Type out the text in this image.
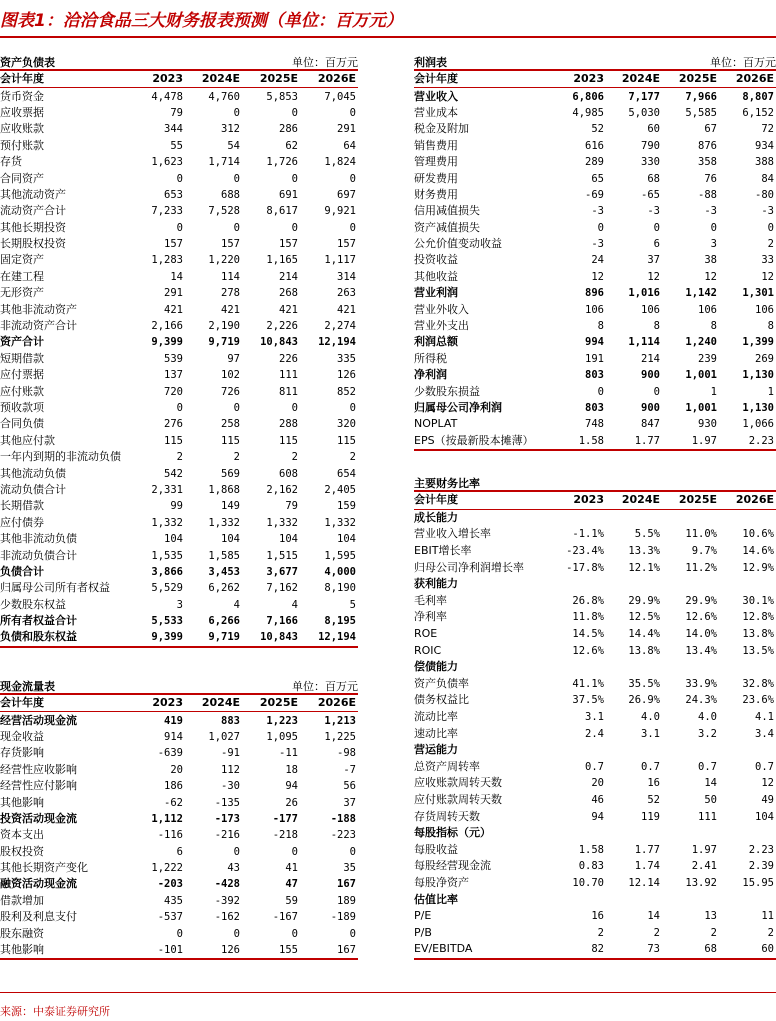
图表1：洽洽食品三大财务报表预测（单位：百万元）
资产负债表	单位：百万元
会计年度	2023	2024E	2025E	2026E
货币资金	4,478	4,760	5,853	7,045
应收票据	79	0	0	0
应收账款	344	312	286	291
预付账款	55	54	62	64
存货	1,623	1,714	1,726	1,824
合同资产	0	0	0	0
其他流动资产	653	688	691	697
流动资产合计	7,233	7,528	8,617	9,921
其他长期投资	0	0	0	0
长期股权投资	157	157	157	157
固定资产	1,283	1,220	1,165	1,117
在建工程	14	114	214	314
无形资产	291	278	268	263
其他非流动资产	421	421	421	421
非流动资产合计	2,166	2,190	2,226	2,274
资产合计	9,399	9,719	10,843	12,194
短期借款	539	97	226	335
应付票据	137	102	111	126
应付账款	720	726	811	852
预收款项	0	0	0	0
合同负债	276	258	288	320
其他应付款	115	115	115	115
一年内到期的非流动负债	2	2	2	2
其他流动负债	542	569	608	654
流动负债合计	2,331	1,868	2,162	2,405
长期借款	99	149	79	159
应付债券	1,332	1,332	1,332	1,332
其他非流动负债	104	104	104	104
非流动负债合计	1,535	1,585	1,515	1,595
负债合计	3,866	3,453	3,677	4,000
归属母公司所有者权益	5,529	6,262	7,162	8,190
少数股东权益	3	4	4	5
所有者权益合计	5,533	6,266	7,166	8,195
负债和股东权益	9,399	9,719	10,843	12,194
现金流量表	单位：百万元
会计年度	2023	2024E	2025E	2026E
经营活动现金流	419	883	1,223	1,213
现金收益	914	1,027	1,095	1,225
存货影响	-639	-91	-11	-98
经营性应收影响	20	112	18	-7
经营性应付影响	186	-30	94	56
其他影响	-62	-135	26	37
投资活动现金流	1,112	-173	-177	-188
资本支出	-116	-216	-218	-223
股权投资	6	0	0	0
其他长期资产变化	1,222	43	41	35
融资活动现金流	-203	-428	47	167
借款增加	435	-392	59	189
股利及利息支付	-537	-162	-167	-189
股东融资	0	0	0	0
其他影响	-101	126	155	167
利润表	单位：百万元
会计年度	2023	2024E	2025E	2026E
营业收入	6,806	7,177	7,966	8,807
营业成本	4,985	5,030	5,585	6,152
税金及附加	52	60	67	72
销售费用	616	790	876	934
管理费用	289	330	358	388
研发费用	65	68	76	84
财务费用	-69	-65	-88	-80
信用减值损失	-3	-3	-3	-3
资产减值损失	0	0	0	0
公允价值变动收益	-3	6	3	2
投资收益	24	37	38	33
其他收益	12	12	12	12
营业利润	896	1,016	1,142	1,301
营业外收入	106	106	106	106
营业外支出	8	8	8	8
利润总额	994	1,114	1,240	1,399
所得税	191	214	239	269
净利润	803	900	1,001	1,130
少数股东损益	0	0	1	1
归属母公司净利润	803	900	1,001	1,130
NOPLAT	748	847	930	1,066
EPS（按最新股本摊薄）	1.58	1.77	1.97	2.23
主要财务比率
会计年度	2023	2024E	2025E	2026E
成长能力				
营业收入增长率	-1.1%	5.5%	11.0%	10.6%
EBIT增长率	-23.4%	13.3%	9.7%	14.6%
归母公司净利润增长率	-17.8%	12.1%	11.2%	12.9%
获利能力				
毛利率	26.8%	29.9%	29.9%	30.1%
净利率	11.8%	12.5%	12.6%	12.8%
ROE	14.5%	14.4%	14.0%	13.8%
ROIC	12.6%	13.8%	13.4%	13.5%
偿债能力				
资产负债率	41.1%	35.5%	33.9%	32.8%
债务权益比	37.5%	26.9%	24.3%	23.6%
流动比率	3.1	4.0	4.0	4.1
速动比率	2.4	3.1	3.2	3.4
营运能力				
总资产周转率	0.7	0.7	0.7	0.7
应收账款周转天数	20	16	14	12
应付账款周转天数	46	52	50	49
存货周转天数	94	119	111	104
每股指标（元）				
每股收益	1.58	1.77	1.97	2.23
每股经营现金流	0.83	1.74	2.41	2.39
每股净资产	10.70	12.14	13.92	15.95
估值比率				
P/E	16	14	13	11
P/B	2	2	2	2
EV/EBITDA	82	73	68	60
来源：中泰证券研究所
